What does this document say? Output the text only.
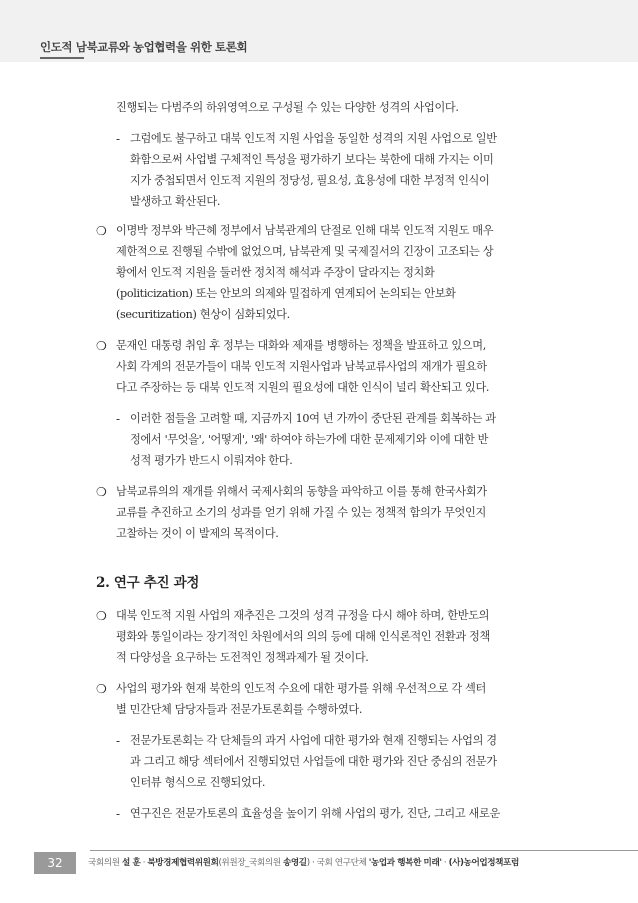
인도적 남북교류와 농업협력을 위한 토론회
진행되는 다범주의 하위영역으로 구성될 수 있는 다양한 성격의 사업이다.
- 그럼에도 불구하고 대북 인도적 지원 사업을 동일한 성격의 지원 사업으로 일반
화함으로써 사업별 구체적인 특성을 평가하기 보다는 북한에 대해 가지는 이미
지가 중첩되면서 인도적 지원의 정당성, 필요성, 효용성에 대한 부정적 인식이
발생하고 확산된다.
❍ 이명박 정부와 박근혜 정부에서 남북관계의 단절로 인해 대북 인도적 지원도 매우
제한적으로 진행될 수밖에 없었으며, 남북관계 및 국제질서의 긴장이 고조되는 상
황에서 인도적 지원을 둘러싼 정치적 해석과 주장이 달라지는 정치화
(politicization) 또는 안보의 의제와 밀접하게 연계되어 논의되는 안보화
(securitization) 현상이 심화되었다.
❍ 문재인 대통령 취임 후 정부는 대화와 제재를 병행하는 정책을 발표하고 있으며,
사회 각계의 전문가들이 대북 인도적 지원사업과 남북교류사업의 재개가 필요하
다고 주장하는 등 대북 인도적 지원의 필요성에 대한 인식이 널리 확산되고 있다.
- 이러한 점들을 고려할 때, 지금까지 10여 년 가까이 중단된 관계를 회복하는 과
정에서 '무엇을', '어떻게', '왜' 하여야 하는가에 대한 문제제기와 이에 대한 반
성적 평가가 반드시 이뤄져야 한다.
❍ 남북교류의의 재개를 위해서 국제사회의 동향을 파악하고 이를 통해 한국사회가
교류를 추진하고 소기의 성과를 얻기 위해 가질 수 있는 정책적 함의가 무엇인지
고찰하는 것이 이 발제의 목적이다.
2. 연구 추진 과정
❍ 대북 인도적 지원 사업의 재추진은 그것의 성격 규정을 다시 해야 하며, 한반도의
평화와 통일이라는 장기적인 차원에서의 의의 등에 대해 인식론적인 전환과 정책
적 다양성을 요구하는 도전적인 정책과제가 될 것이다.
❍ 사업의 평가와 현재 북한의 인도적 수요에 대한 평가를 위해 우선적으로 각 섹터
별 민간단체 담당자들과 전문가토론회를 수행하였다.
- 전문가토론회는 각 단체들의 과거 사업에 대한 평가와 현재 진행되는 사업의 경
과 그리고 해당 섹터에서 진행되었던 사업들에 대한 평가와 진단 중심의 전문가
인터뷰 형식으로 진행되었다.
- 연구진은 전문가토론의 효율성을 높이기 위해 사업의 평가, 진단, 그리고 새로운
32	국회의원 설 훈 · 북방경제협력위원회(위원장_국회의원 송영길) · 국회 연구단체 '농업과 행복한 미래' · (사)농어업정책포럼
